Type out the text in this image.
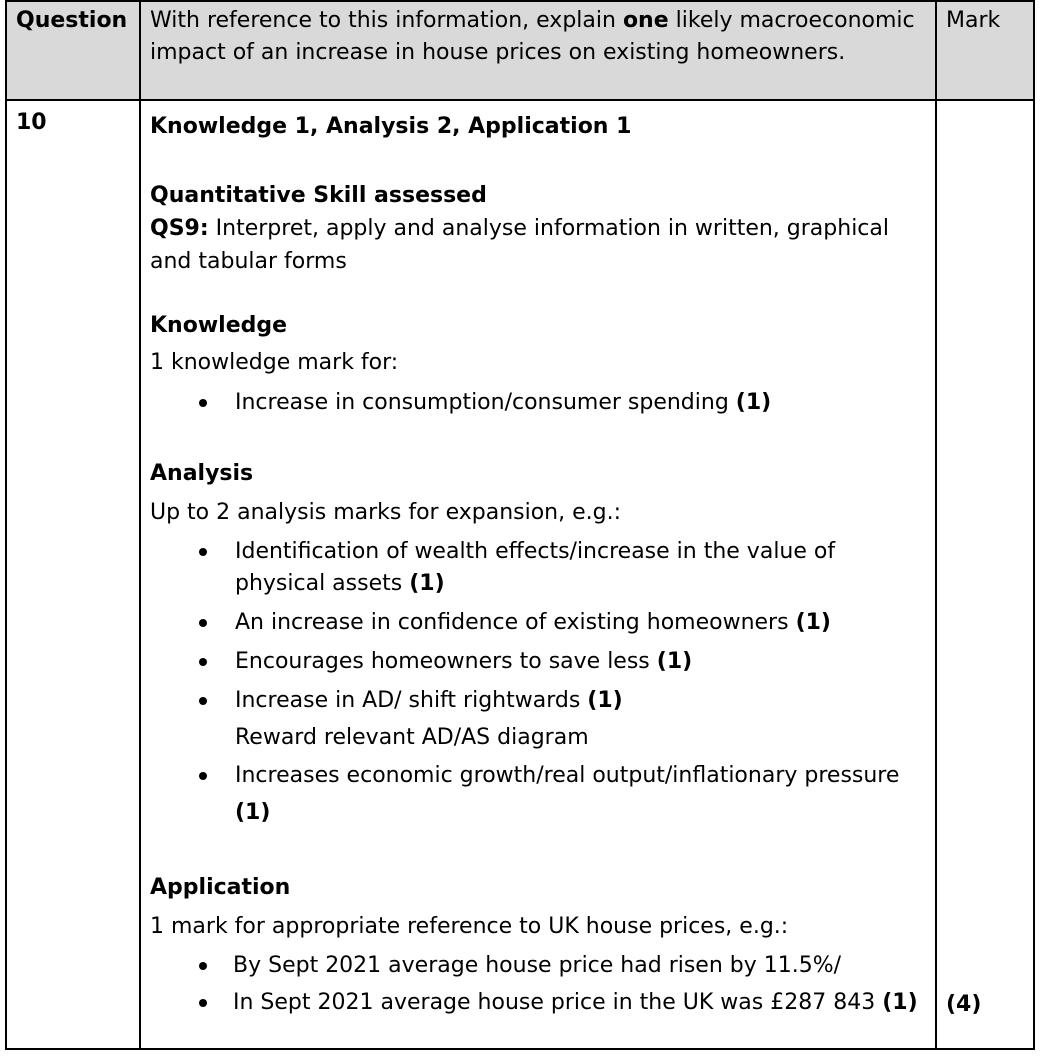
Question With reference to this information, explain one likely macroeconomic
impact of an increase in house prices on existing homeowners.
Mark
10	Knowledge 1, Analysis 2, Application 1
Quantitative Skill assessed
QS9: Interpret, apply and analyse information in written, graphical
and tabular forms
Knowledge
1 knowledge mark for:
Increase in consumption/consumer spending (1)
Analysis
Up to 2 analysis marks for expansion, e.g.:
Identification of wealth effects/increase in the value of
physical assets (1)
An increase in confidence of existing homeowners (1)
Encourages homeowners to save less (1)
Increase in AD/ shift rightwards (1)
Reward relevant AD/AS diagram
Increases economic growth/real output/inflationary pressure
(1)
Application
1 mark for appropriate reference to UK house prices, e.g.:
By Sept 2021 average house price had risen by 11.5%/
In Sept 2021 average house price in the UK was £287 843 (1) (4)
